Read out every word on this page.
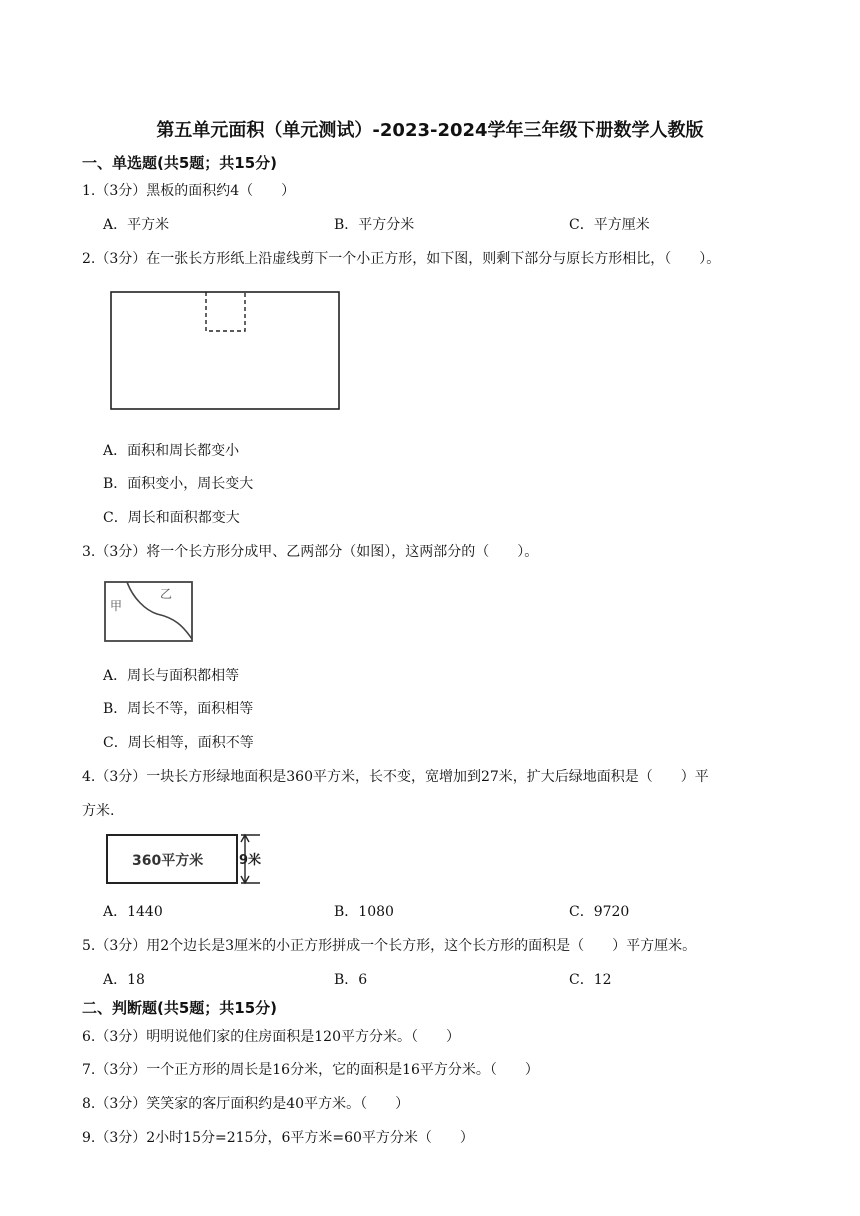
第五单元面积（单元测试）-2023-2024学年三年级下册数学人教版
一、单选题(共5题；共15分)
1.（3分）黑板的面积约4（　　）
A．平方米	B．平方分米	C．平方厘米
2.（3分）在一张长方形纸上沿虚线剪下一个小正方形，如下图，则剩下部分与原长方形相比，（　　）。
A．面积和周长都变小
B．面积变小，周长变大
C．周长和面积都变大
3.（3分）将一个长方形分成甲、乙两部分（如图），这两部分的（　　）。
甲
乙
A．周长与面积都相等
B．周长不等，面积相等
C．周长相等，面积不等
4.（3分）一块长方形绿地面积是360平方米，长不变，宽增加到27米，扩大后绿地面积是（　　）平
方米.
360平方米	9米
A．1440	B．1080	C．9720
5.（3分）用2个边长是3厘米的小正方形拼成一个长方形，这个长方形的面积是（　　）平方厘米。
A．18	B．6	C．12
二、判断题(共5题；共15分)
6.（3分）明明说他们家的住房面积是120平方分米。（　　）
7.（3分）一个正方形的周长是16分米，它的面积是16平方分米。（　　）
8.（3分）笑笑家的客厅面积约是40平方米。（　　）
9.（3分）2小时15分=215分，6平方米=60平方分米（　　）
